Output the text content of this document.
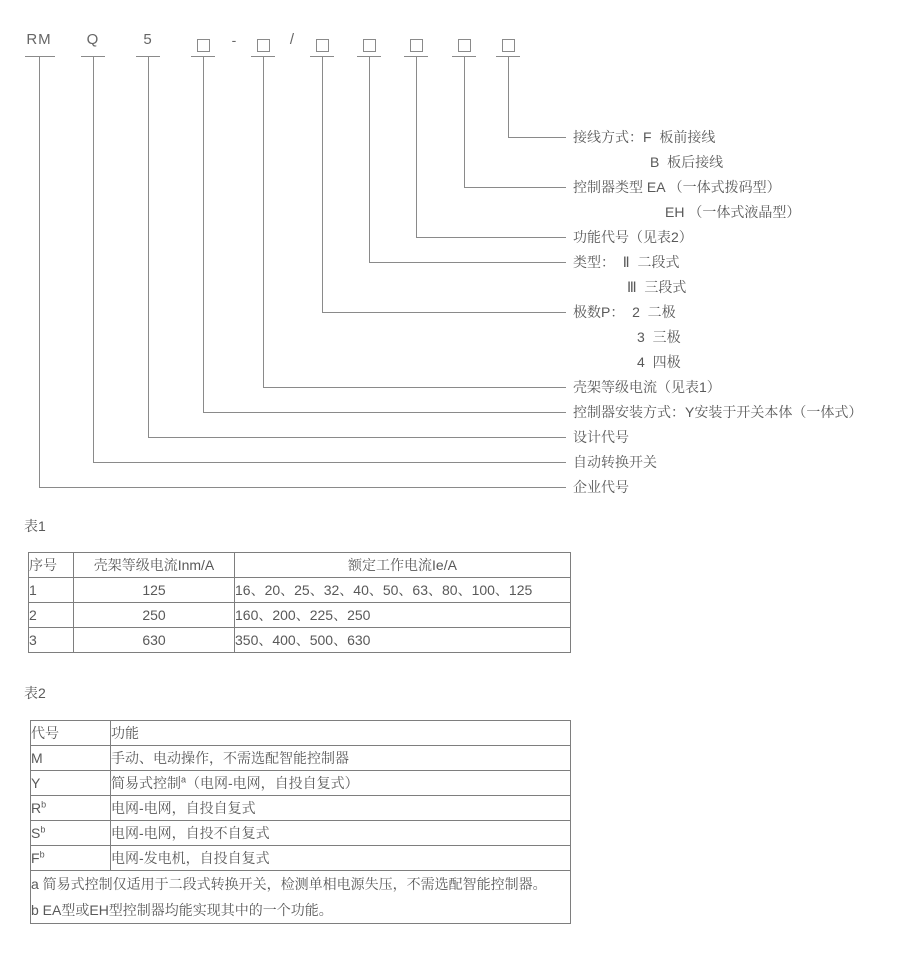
RM Q	5	-	/
接线方式：F  板前接线
控制器类型 EA （一体式拨码型）
功能代号（见表2）
类型：  Ⅱ  二段式
极数P：  2  二极
壳架等级电流（见表1）
控制器安装方式：Y安装于开关本体（一体式）
设计代号
自动转换开关
企业代号
B  板后接线
EH （一体式液晶型）
Ⅲ  三段式
3  三极
4  四极
表1
序号	壳架等级电流Inm/A	额定工作电流Ie/A
1	125	16、20、25、32、40、50、63、80、100、125
2	250	160、200、225、250
3	630	350、400、500、630
表2
代号	功能
M	手动、电动操作，不需选配智能控制器
Y	简易式控制$^a$（电网-电网，自投自复式）
$R^b$	电网-电网，自投自复式
$S^b$	电网-电网，自投不自复式
$F^b$	电网-发电机，自投自复式

a 简易式控制仅适用于二段式转换开关，检测单相电源失压，不需选配智能控制器。
b EA型或EH型控制器均能实现其中的一个功能。	
